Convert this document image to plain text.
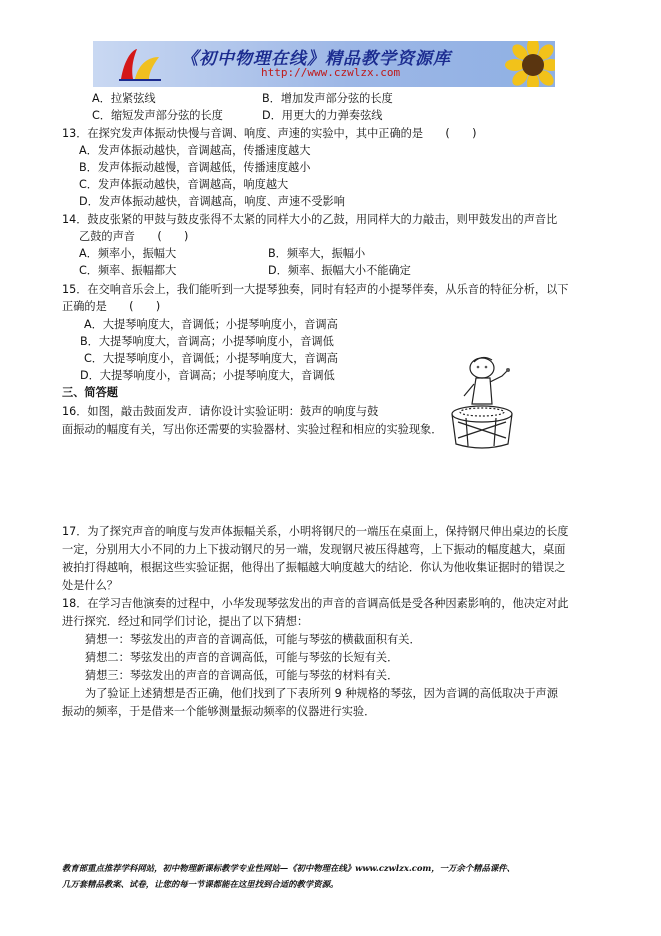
《初中物理在线》精品教学资源库
http://www.czwlzx.com
A．拉紧弦线	B．增加发声部分弦的长度
C．缩短发声部分弦的长度	D．用更大的力弹奏弦线
13．在探究发声体振动快慢与音调、响度、声速的实验中，其中正确的是　　(　　)
A．发声体振动越快，音调越高，传播速度越大
B．发声体振动越慢，音调越低，传播速度越小
C．发声体振动越快，音调越高，响度越大
D．发声体振动越快，音调越高，响度、声速不受影响
14．鼓皮张紧的甲鼓与鼓皮张得不太紧的同样大小的乙鼓，用同样大的力敲击，则甲鼓发出的声音比
乙鼓的声音　　(　　)
A．频率小，振幅大	B．频率大，振幅小
C．频率、振幅都大	D．频率、振幅大小不能确定
15．在交响音乐会上，我们能听到一大提琴独奏，同时有轻声的小提琴伴奏，从乐音的特征分析，以下
正确的是　　(　　)
A．大提琴响度大，音调低；小提琴响度小，音调高
B．大提琴响度大，音调高；小提琴响度小，音调低
C．大提琴响度小，音调低；小提琴响度大，音调高
D．大提琴响度小，音调高；小提琴响度大，音调低
三、简答题
16．如图，敲击鼓面发声．请你设计实验证明：鼓声的响度与鼓
面振动的幅度有关，写出你还需要的实验器材、实验过程和相应的实验现象．
17．为了探究声音的响度与发声体振幅关系，小明将钢尺的一端压在桌面上，保持钢尺伸出桌边的长度
一定，分别用大小不同的力上下拔动钢尺的另一端，发现钢尺被压得越弯，上下振动的幅度越大，桌面
被拍打得越响，根据这些实验证据，他得出了振幅越大响度越大的结论．你认为他收集证据时的错误之
处是什么？
18．在学习吉他演奏的过程中，小华发现琴弦发出的声音的音调高低是受各种因素影响的，他决定对此
进行探究．经过和同学们讨论，提出了以下猜想：
猜想一：琴弦发出的声音的音调高低，可能与琴弦的横截面积有关．
猜想二：琴弦发出的声音的音调高低，可能与琴弦的长短有关．
猜想三：琴弦发出的声音的音调高低，可能与琴弦的材料有关．
为了验证上述猜想是否正确，他们找到了下表所列 9 种规格的琴弦，因为音调的高低取决于声源
振动的频率，于是借来一个能够测量振动频率的仪器进行实验．
教育部重点推荐学科网站，初中物理新课标教学专业性网站—《初中物理在线》www.czwlzx.com，一万余个精品课件、
几万套精品教案、试卷，让您的每一节课都能在这里找到合适的教学资源。
